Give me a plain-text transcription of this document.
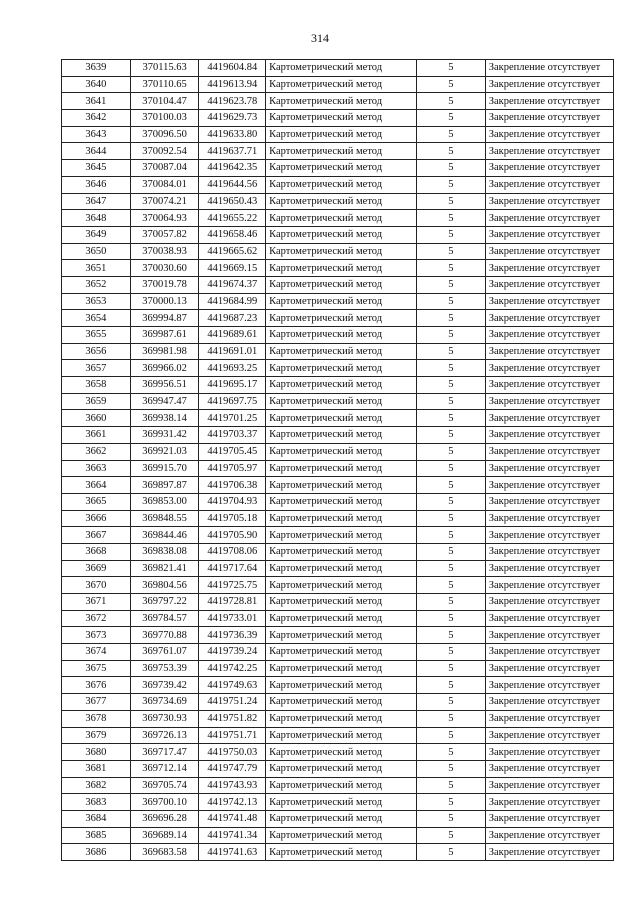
314
3639	370115.63	4419604.84	Картометрический метод	5	Закрепление отсутствует
3640	370110.65	4419613.94	Картометрический метод	5	Закрепление отсутствует
3641	370104.47	4419623.78	Картометрический метод	5	Закрепление отсутствует
3642	370100.03	4419629.73	Картометрический метод	5	Закрепление отсутствует
3643	370096.50	4419633.80	Картометрический метод	5	Закрепление отсутствует
3644	370092.54	4419637.71	Картометрический метод	5	Закрепление отсутствует
3645	370087.04	4419642.35	Картометрический метод	5	Закрепление отсутствует
3646	370084.01	4419644.56	Картометрический метод	5	Закрепление отсутствует
3647	370074.21	4419650.43	Картометрический метод	5	Закрепление отсутствует
3648	370064.93	4419655.22	Картометрический метод	5	Закрепление отсутствует
3649	370057.82	4419658.46	Картометрический метод	5	Закрепление отсутствует
3650	370038.93	4419665.62	Картометрический метод	5	Закрепление отсутствует
3651	370030.60	4419669.15	Картометрический метод	5	Закрепление отсутствует
3652	370019.78	4419674.37	Картометрический метод	5	Закрепление отсутствует
3653	370000.13	4419684.99	Картометрический метод	5	Закрепление отсутствует
3654	369994.87	4419687.23	Картометрический метод	5	Закрепление отсутствует
3655	369987.61	4419689.61	Картометрический метод	5	Закрепление отсутствует
3656	369981.98	4419691.01	Картометрический метод	5	Закрепление отсутствует
3657	369966.02	4419693.25	Картометрический метод	5	Закрепление отсутствует
3658	369956.51	4419695.17	Картометрический метод	5	Закрепление отсутствует
3659	369947.47	4419697.75	Картометрический метод	5	Закрепление отсутствует
3660	369938.14	4419701.25	Картометрический метод	5	Закрепление отсутствует
3661	369931.42	4419703.37	Картометрический метод	5	Закрепление отсутствует
3662	369921.03	4419705.45	Картометрический метод	5	Закрепление отсутствует
3663	369915.70	4419705.97	Картометрический метод	5	Закрепление отсутствует
3664	369897.87	4419706.38	Картометрический метод	5	Закрепление отсутствует
3665	369853.00	4419704.93	Картометрический метод	5	Закрепление отсутствует
3666	369848.55	4419705.18	Картометрический метод	5	Закрепление отсутствует
3667	369844.46	4419705.90	Картометрический метод	5	Закрепление отсутствует
3668	369838.08	4419708.06	Картометрический метод	5	Закрепление отсутствует
3669	369821.41	4419717.64	Картометрический метод	5	Закрепление отсутствует
3670	369804.56	4419725.75	Картометрический метод	5	Закрепление отсутствует
3671	369797.22	4419728.81	Картометрический метод	5	Закрепление отсутствует
3672	369784.57	4419733.01	Картометрический метод	5	Закрепление отсутствует
3673	369770.88	4419736.39	Картометрический метод	5	Закрепление отсутствует
3674	369761.07	4419739.24	Картометрический метод	5	Закрепление отсутствует
3675	369753.39	4419742.25	Картометрический метод	5	Закрепление отсутствует
3676	369739.42	4419749.63	Картометрический метод	5	Закрепление отсутствует
3677	369734.69	4419751.24	Картометрический метод	5	Закрепление отсутствует
3678	369730.93	4419751.82	Картометрический метод	5	Закрепление отсутствует
3679	369726.13	4419751.71	Картометрический метод	5	Закрепление отсутствует
3680	369717.47	4419750.03	Картометрический метод	5	Закрепление отсутствует
3681	369712.14	4419747.79	Картометрический метод	5	Закрепление отсутствует
3682	369705.74	4419743.93	Картометрический метод	5	Закрепление отсутствует
3683	369700.10	4419742.13	Картометрический метод	5	Закрепление отсутствует
3684	369696.28	4419741.48	Картометрический метод	5	Закрепление отсутствует
3685	369689.14	4419741.34	Картометрический метод	5	Закрепление отсутствует
3686	369683.58	4419741.63	Картометрический метод	5	Закрепление отсутствует
